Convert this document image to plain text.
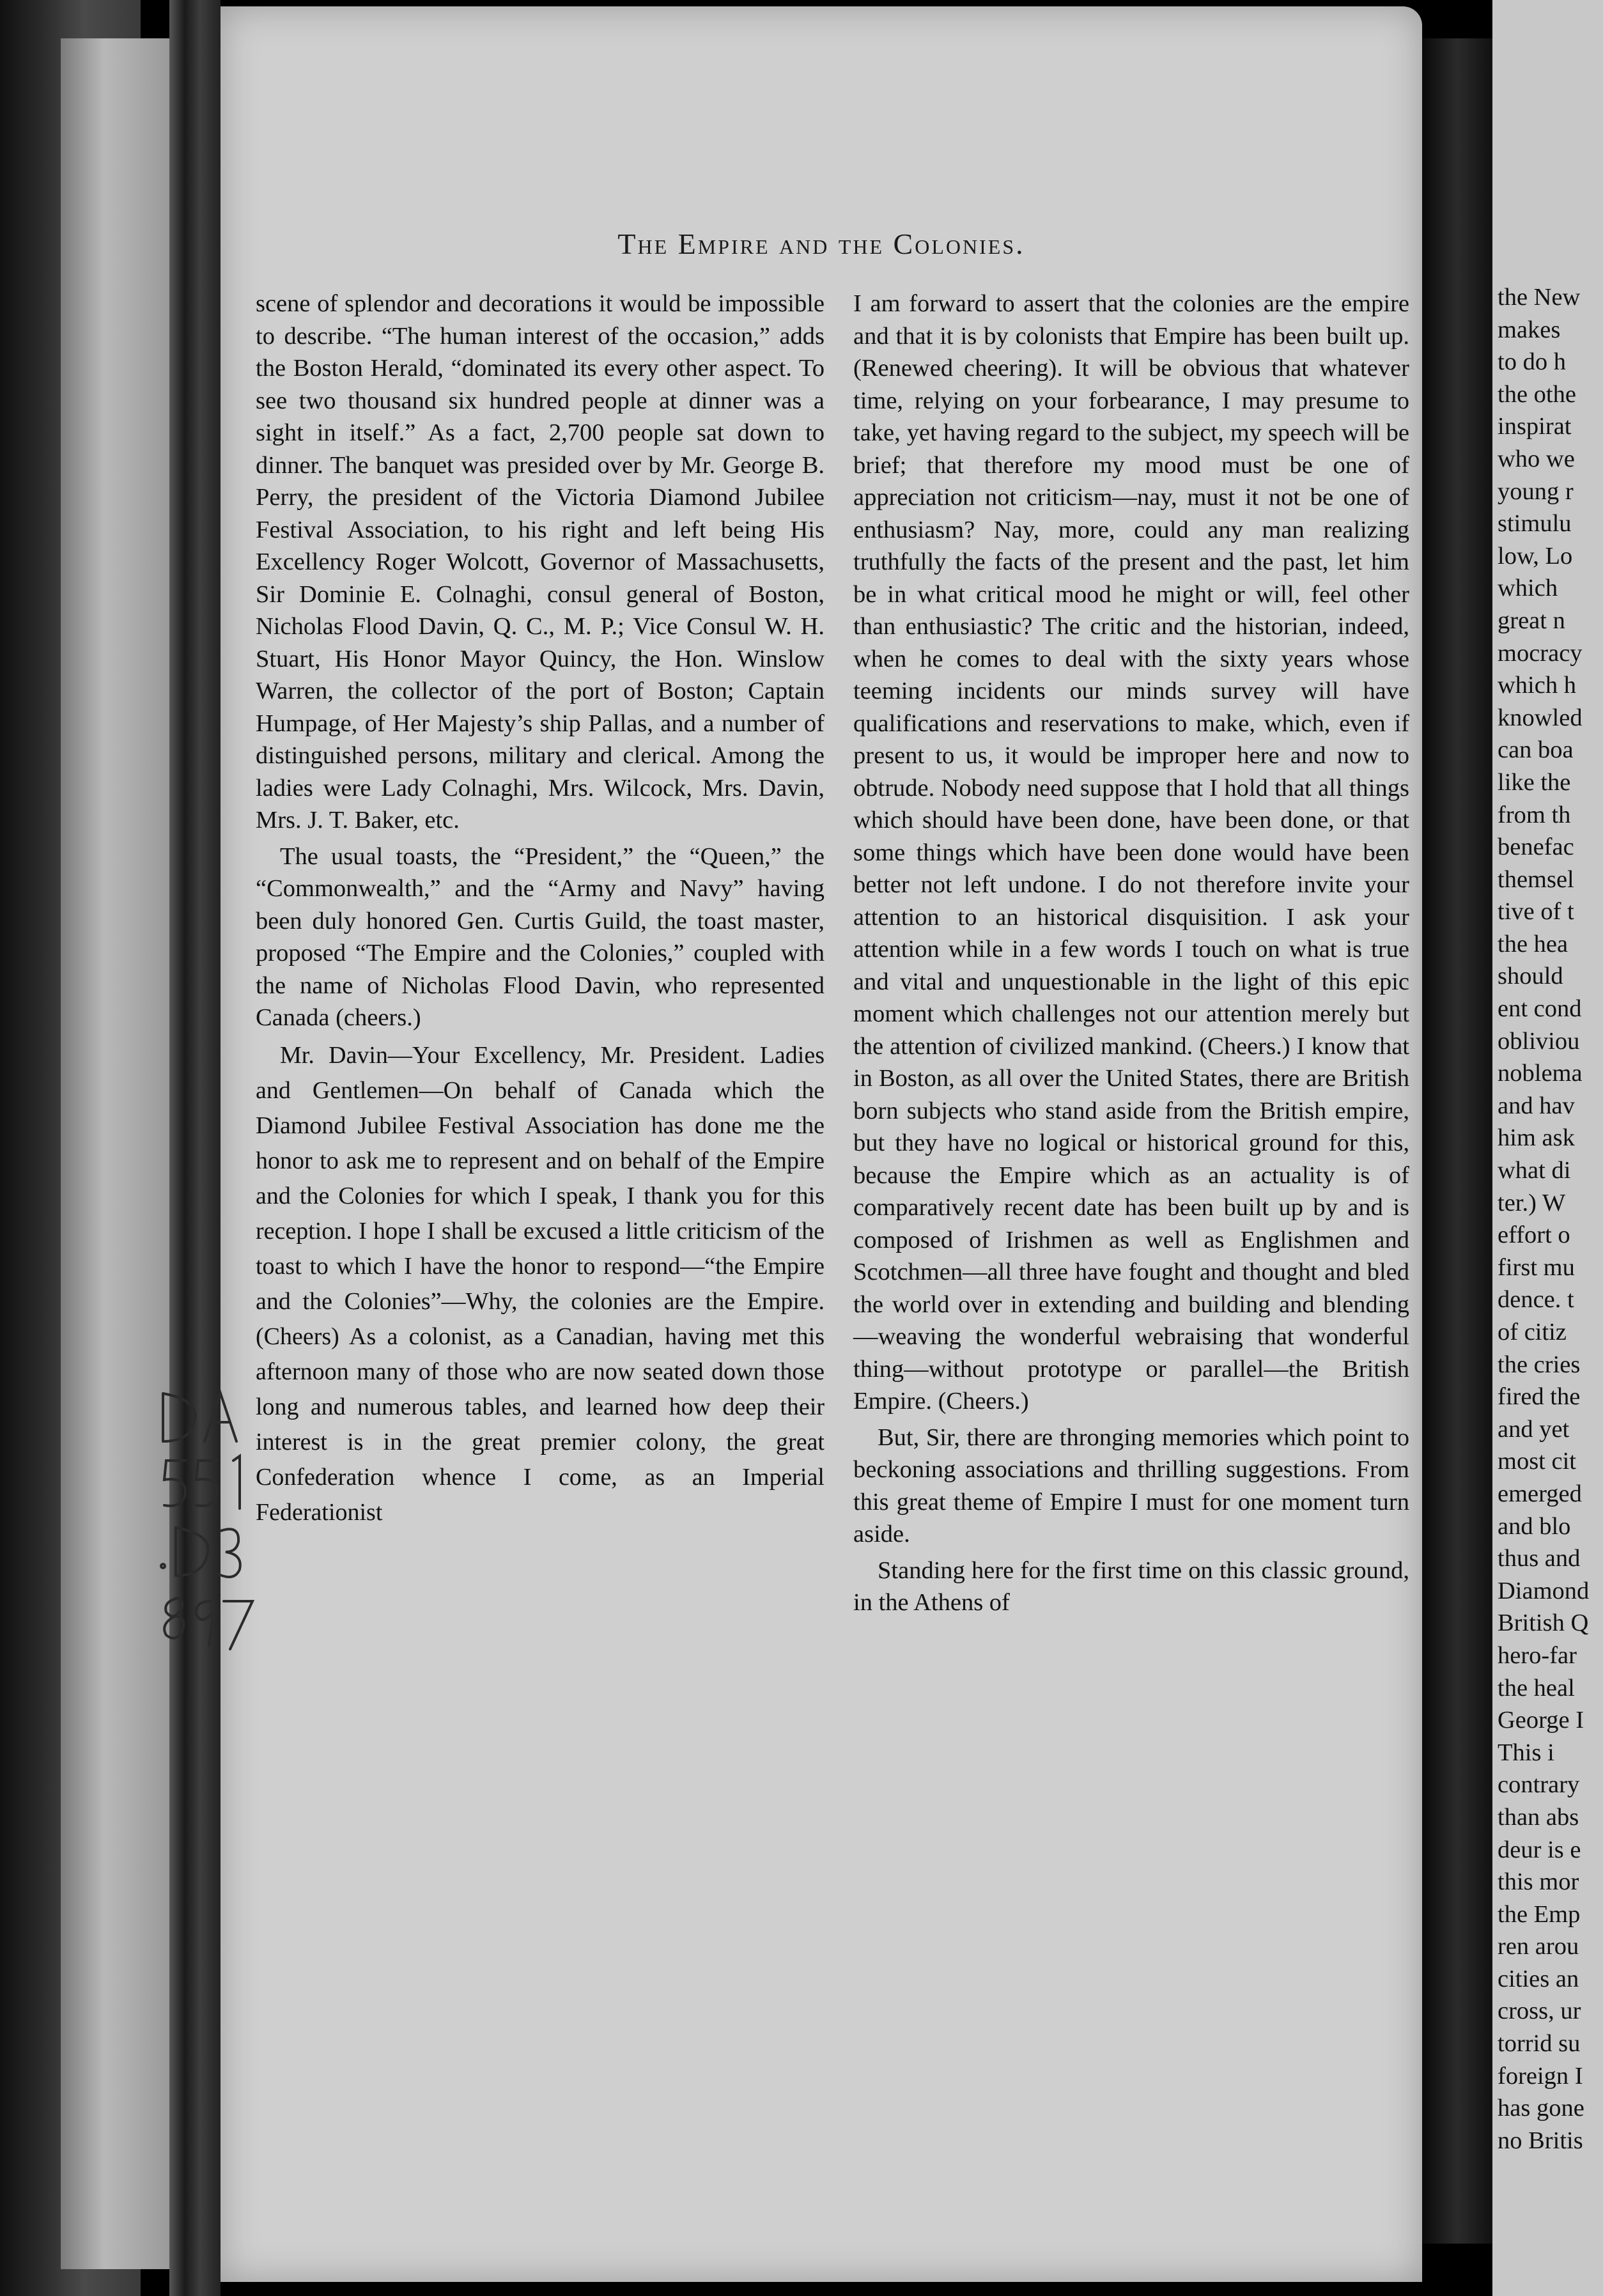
The Empire and the Colonies.

scene of splendor and decorations it would be impossible to describe. “The human interest of the occasion,” adds the Boston Herald, “dominated its every other aspect. To see two thousand six hundred people at dinner was a sight in itself.” As a fact, 2,700 people sat down to dinner. The banquet was presided over by Mr. George B. Perry, the president of the Victoria Diamond Jubilee Festival Association, to his right and left being His Excellency Roger Wolcott, Governor of Massachusetts, Sir Dominie E. Colnaghi, consul general of Boston, Nicholas Flood Davin, Q. C., M. P.; Vice Consul W. H. Stuart, His Honor Mayor Quincy, the Hon. Winslow Warren, the collector of the port of Boston; Captain Humpage, of Her Majesty’s ship Pallas, and a number of distinguished persons, military and clerical. Among the ladies were Lady Colnaghi, Mrs. Wilcock, Mrs. Davin, Mrs. J. T. Baker, etc.

The usual toasts, the “President,” the “Queen,” the “Commonwealth,” and the “Army and Navy” having been duly honored Gen. Curtis Guild, the toast master, proposed “The Empire and the Colonies,” coupled with the name of Nicholas Flood Davin, who represented Canada (cheers.)

Mr. Davin—Your Excellency, Mr. President. Ladies and Gentlemen—On behalf of Canada which the Diamond Jubilee Festival Association has done me the honor to ask me to represent and on behalf of the Empire and the Colonies for which I speak, I thank you for this reception. I hope I shall be excused a little criticism of the toast to which I have the honor to respond—“the Empire and the Colonies”—Why, the colonies are the Empire. (Cheers) As a colonist, as a Canadian, having met this afternoon many of those who are now seated down those long and numerous tables, and learned how deep their interest is in the great premier colony, the great Confederation whence I come, as an Imperial Federationist

I am forward to assert that the colonies are the empire and that it is by colonists that Empire has been built up. (Renewed cheering). It will be obvious that whatever time, relying on your forbearance, I may presume to take, yet having regard to the subject, my speech will be brief; that therefore my mood must be one of appreciation not criticism—nay, must it not be one of enthusiasm? Nay, more, could any man realizing truthfully the facts of the present and the past, let him be in what critical mood he might or will, feel other than enthusiastic? The critic and the historian, indeed, when he comes to deal with the sixty years whose teeming incidents our minds survey will have qualifications and reservations to make, which, even if present to us, it would be improper here and now to obtrude. Nobody need suppose that I hold that all things which should have been done, have been done, or that some things which have been done would have been better not left undone. I do not therefore invite your attention to an historical disquisition. I ask your attention while in a few words I touch on what is true and vital and unquestionable in the light of this epic moment which challenges not our attention merely but the attention of civilized mankind. (Cheers.) I know that in Boston, as all over the United States, there are British born subjects who stand aside from the British empire, but they have no logical or historical ground for this, because the Empire which as an actuality is of comparatively recent date has been built up by and is composed of Irishmen as well as Englishmen and Scotchmen—all three have fought and thought and bled the world over in extending and building and blending—weaving the wonderful webraising that wonderful thing—without prototype or parallel—the British Empire. (Cheers.)

But, Sir, there are thronging memories which point to beckoning associations and thrilling suggestions. From this great theme of Empire I must for one moment turn aside.

Standing here for the first time on this classic ground, in the Athens of

the New
makes
to do h
the othe
inspirat
who we
young r
stimulu
low, Lo
which
great n
mocracy
which h
knowled
can boa
like the
from th
benefac
themsel
tive of t
the hea
should
ent cond
obliviou
noblema
and hav
him ask
what di
ter.) W
effort o
first mu
dence. t
of citiz
the cries
fired the
and yet
most cit
emerged
and blo
thus and
Diamond
British Q
hero-far
the heal
George I
This i
contrary
than abs
deur is e
this mor
the Emp
ren arou
cities an
cross, ur
torrid su
foreign I
has gone
no Britis
